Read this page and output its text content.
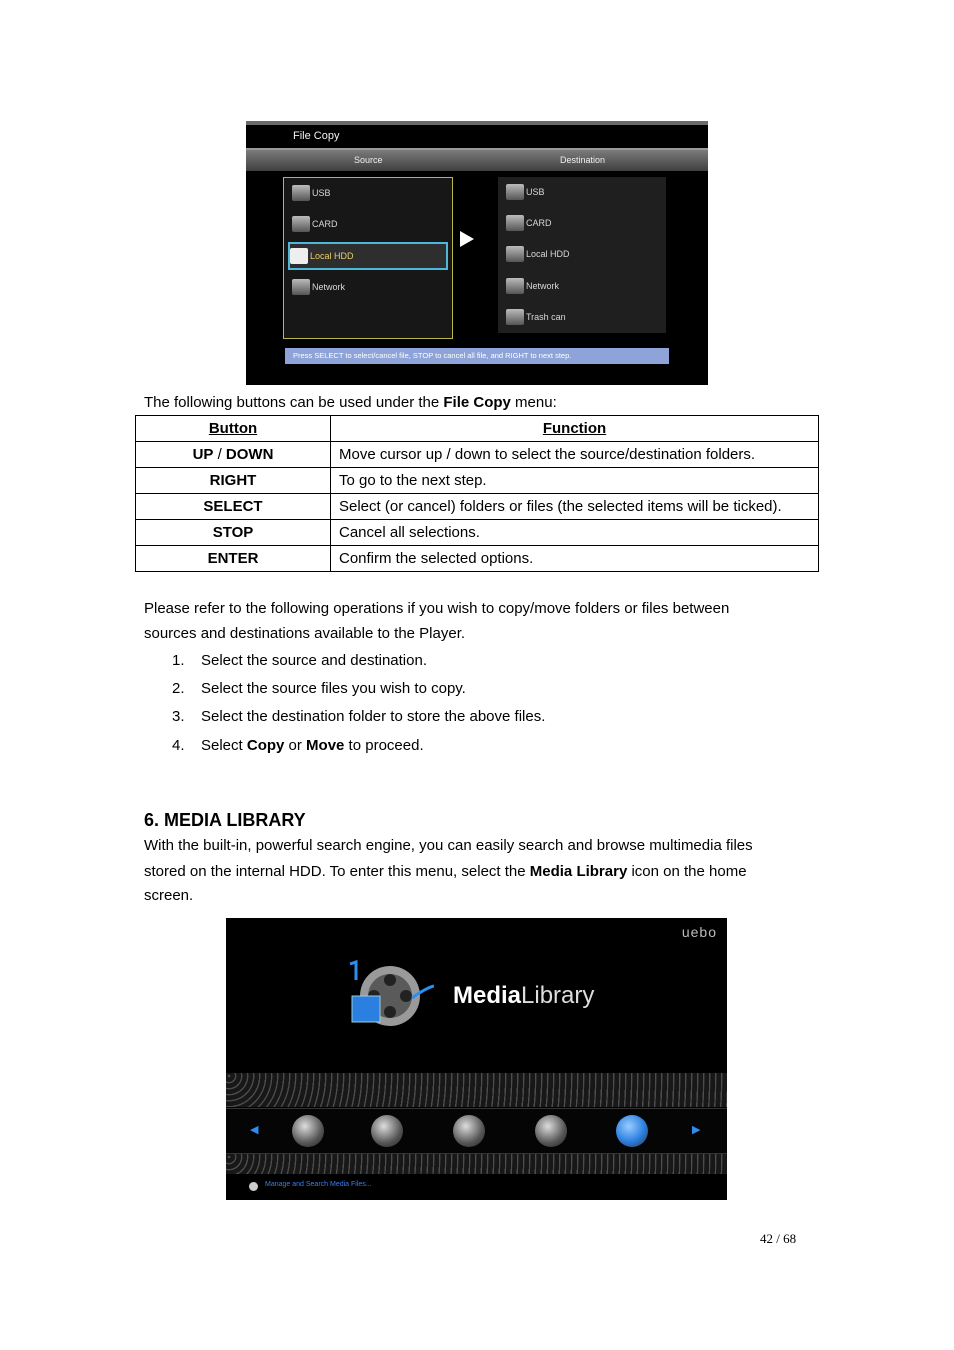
File Copy
Source	Destination
USB
CARD
Local HDD
Network
USB
CARD
Local HDD
Network
Trash can
Press SELECT to select/cancel file, STOP to cancel all file, and RIGHT to next step.
The following buttons can be used under the File Copy menu:
Button	Function
UP / DOWN	Move cursor up / down to select the source/destination folders.
RIGHT	To go to the next step.
SELECT	Select (or cancel) folders or files (the selected items will be ticked).
STOP	Cancel all selections.
ENTER	Confirm the selected options.
Please refer to the following operations if you wish to copy/move folders or files between
sources and destinations available to the Player.
1. Select the source and destination.
2. Select the source files you wish to copy.
3. Select the destination folder to store the above files.
4. Select Copy or Move to proceed.
6. MEDIA LIBRARY
With the built-in, powerful search engine, you can easily search and browse multimedia files
stored on the internal HDD. To enter this menu, select the Media Library icon on the home
screen.
uebo
MediaLibrary
◀	▶
Manage and Search Media Files...
42 / 68
